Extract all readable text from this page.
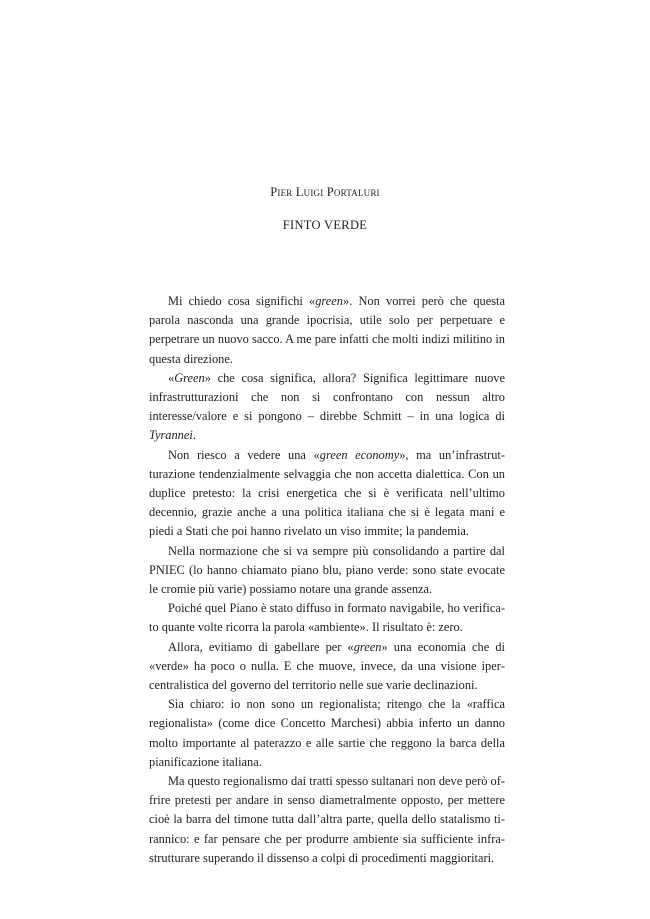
Pier Luigi Portaluri
FINTO VERDE

Mi chiedo cosa significhi «green». Non vorrei però che questa parola nasconda una grande ipocrisia, utile solo per perpetuare e perpetrare un nuovo sacco. A me pare infatti che molti indizi militino in questa direzione.

«Green» che cosa significa, allora? Significa legittimare nuove infrastrutturazioni che non si confrontano con nessun altro interesse/valore e si pongono – direbbe Schmitt – in una logica di Tyrannei.

Non riesco a vedere una «green economy», ma un’infrastrutturazione tendenzialmente selvaggia che non accetta dialettica. Con un duplice pretesto: la crisi energetica che si è verificata nell’ultimo decennio, grazie anche a una politica italiana che si è legata mani e piedi a Stati che poi hanno rivelato un viso immite; la pandemia.

Nella normazione che si va sempre più consolidando a partire dal PNIEC (lo hanno chiamato piano blu, piano verde: sono state evocate le cromie più varie) possiamo notare una grande assenza.

Poiché quel Piano è stato diffuso in formato navigabile, ho verificato quante volte ricorra la parola «ambiente». Il risultato è: zero.

Allora, evitiamo di gabellare per «green» una economia che di «verde» ha poco o nulla. E che muove, invece, da una visione ipercentralistica del governo del territorio nelle sue varie declinazioni.

Sia chiaro: io non sono un regionalista; ritengo che la «raffica regionalista» (come dice Concetto Marchesi) abbia inferto un danno molto importante al paterazzo e alle sartie che reggono la barca della pianificazione italiana.

Ma questo regionalismo dai tratti spesso sultanari non deve però offrire pretesti per andare in senso diametralmente opposto, per mettere cioè la barra del timone tutta dall’altra parte, quella dello statalismo tirannico: e far pensare che per produrre ambiente sia sufficiente infrastrutturare superando il dissenso a colpi di procedimenti maggioritari.
